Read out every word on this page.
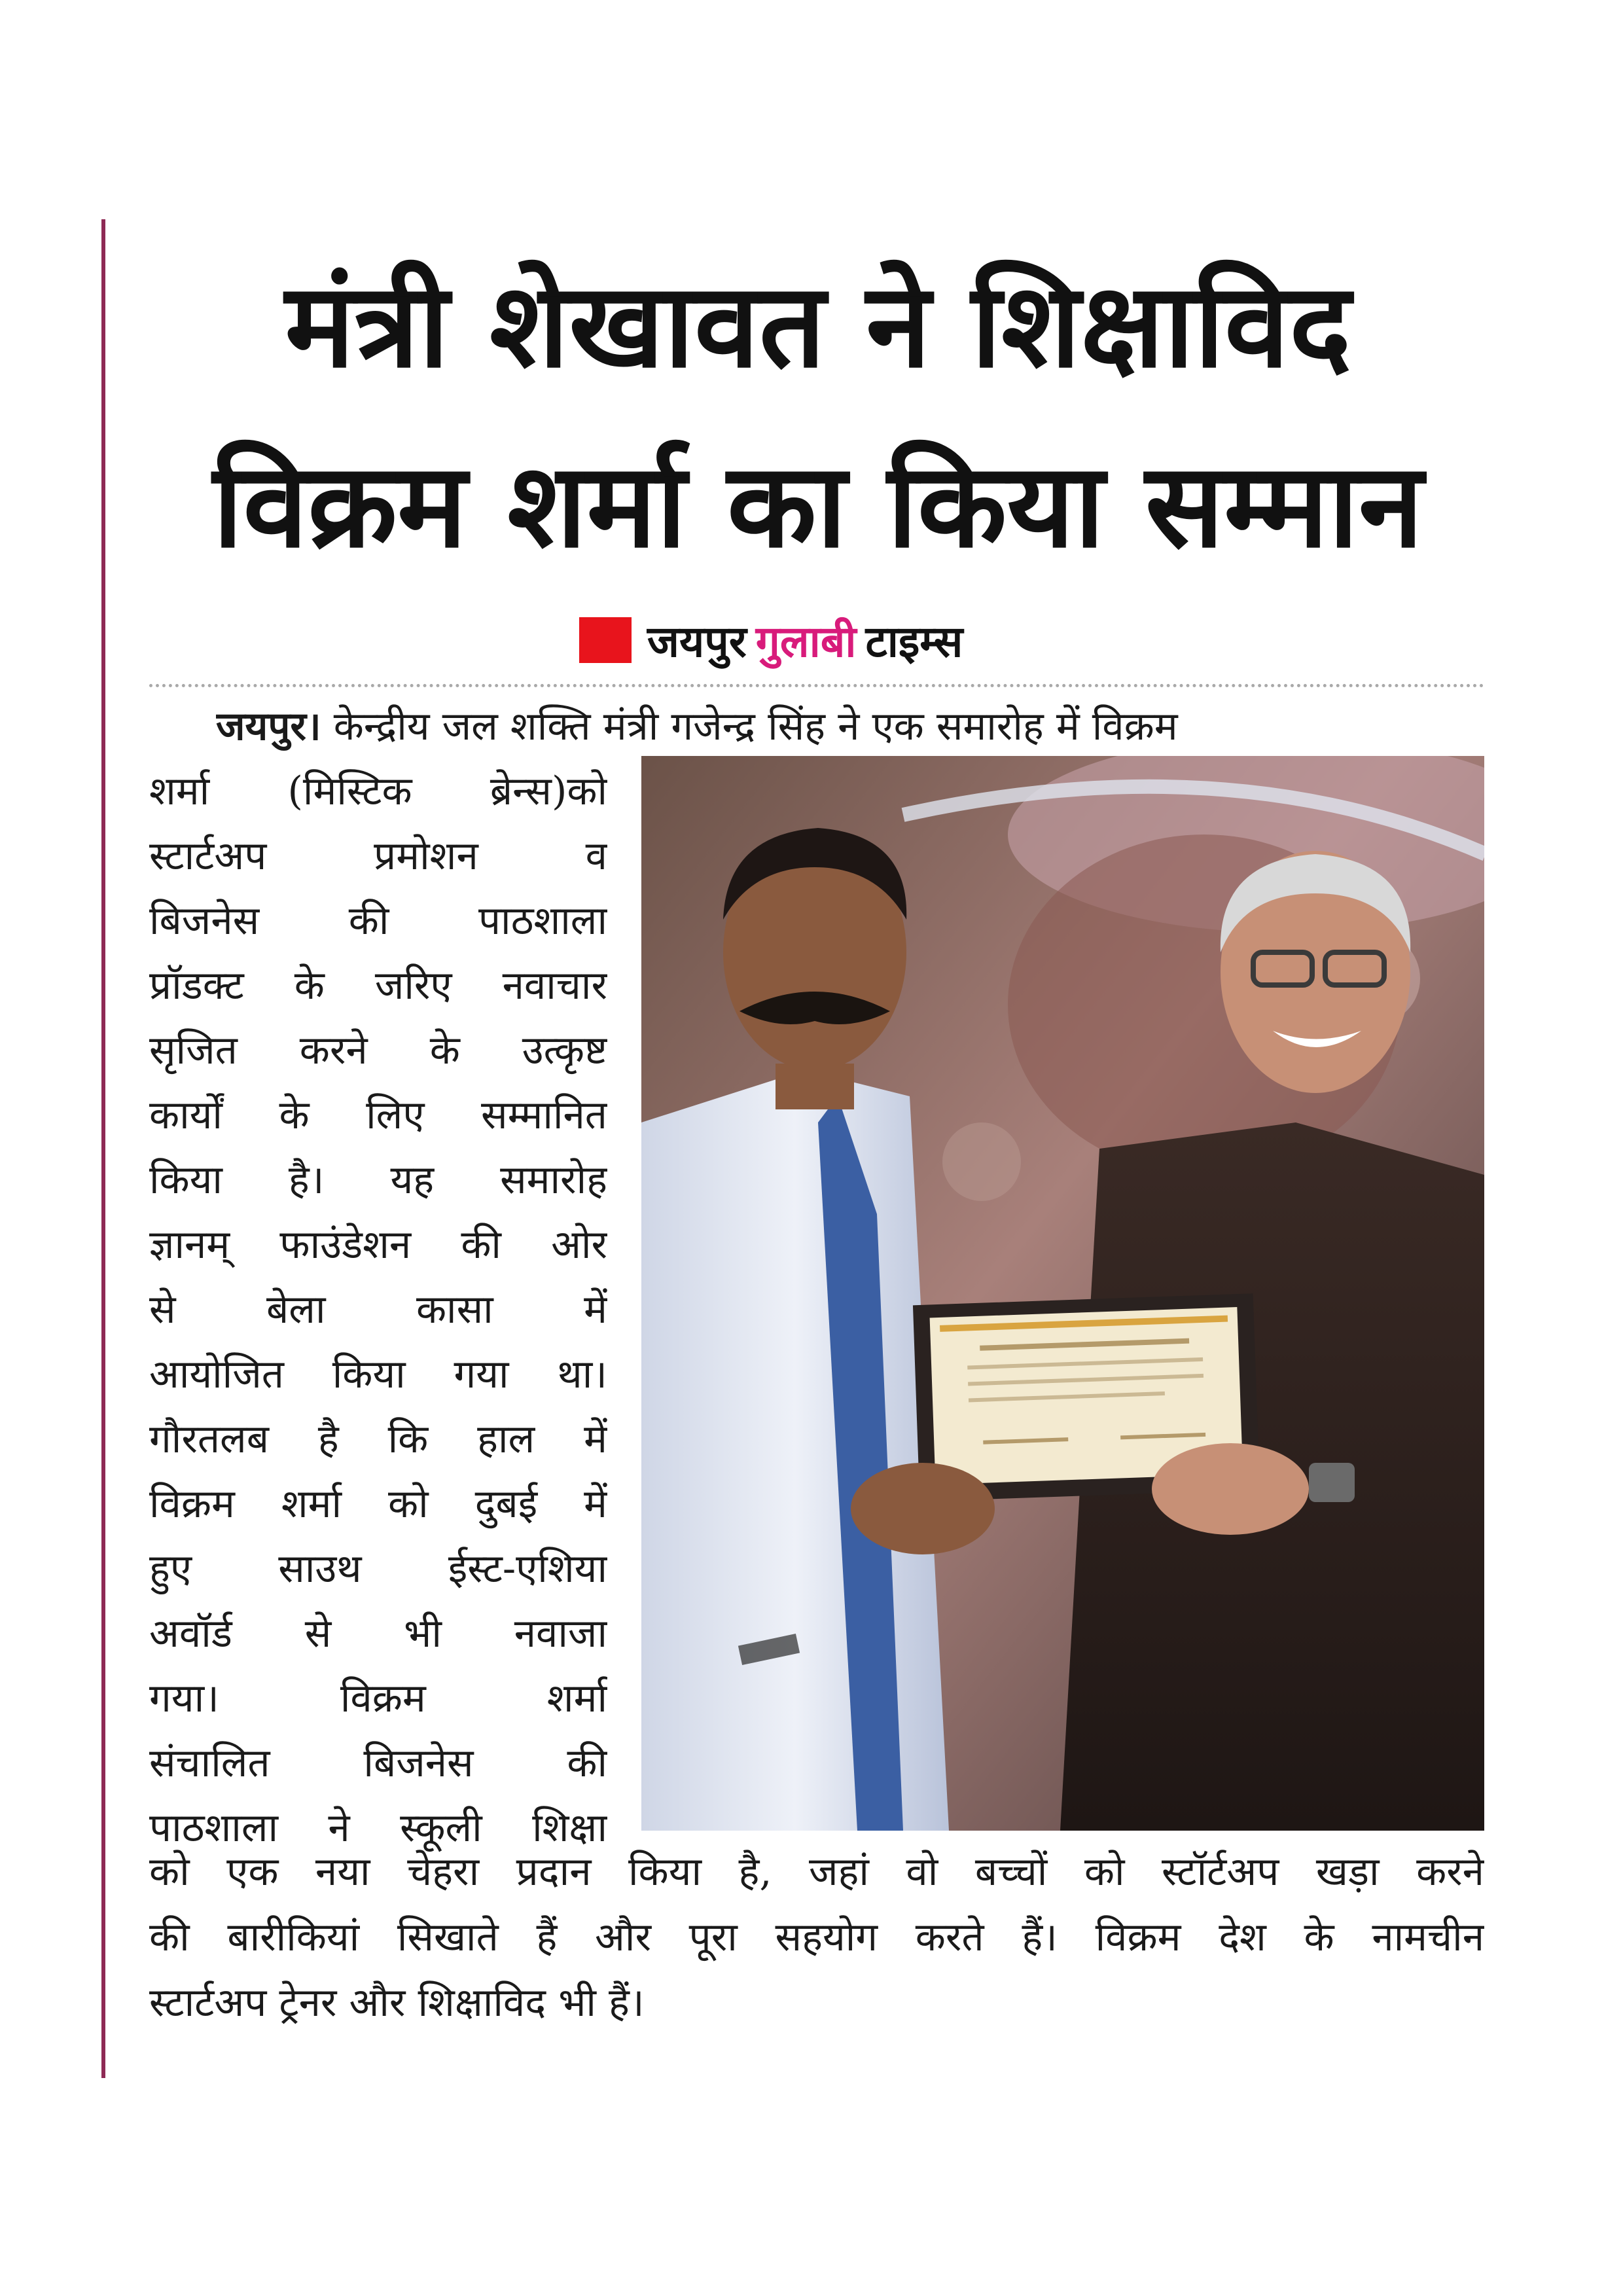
मंत्री शेखावत ने शिक्षाविद
विक्रम शर्मा का किया सम्मान
जयपुर गुलाबी टाइम्स
जयपुर। केन्द्रीय जल शक्ति मंत्री गजेन्द्र सिंह ने एक समारोह में विक्रम
शर्मा (मिस्टिक ब्रेन्स)को
स्टार्टअप प्रमोशन व
बिजनेस की पाठशाला
प्रॉडक्ट के जरिए नवाचार
सृजित करने के उत्कृष्ट
कार्यों के लिए सम्मानित
किया है। यह समारोह
ज्ञानम् फाउंडेशन की ओर
से बेला कासा में
आयोजित किया गया था।
गौरतलब है कि हाल में
विक्रम शर्मा को दुबई में
हुए साउथ ईस्ट-एशिया
अवॉर्ड से भी नवाजा
गया। विक्रम शर्मा
संचालित बिजनेस की
पाठशाला ने स्कूली शिक्षा
को एक नया चेहरा प्रदान किया है, जहां वो बच्चों को स्टॉर्टअप खड़ा करने
की बारीकियां सिखाते हैं और पूरा सहयोग करते हैं। विक्रम देश के नामचीन
स्टार्टअप ट्रेनर और शिक्षाविद भी हैं।
